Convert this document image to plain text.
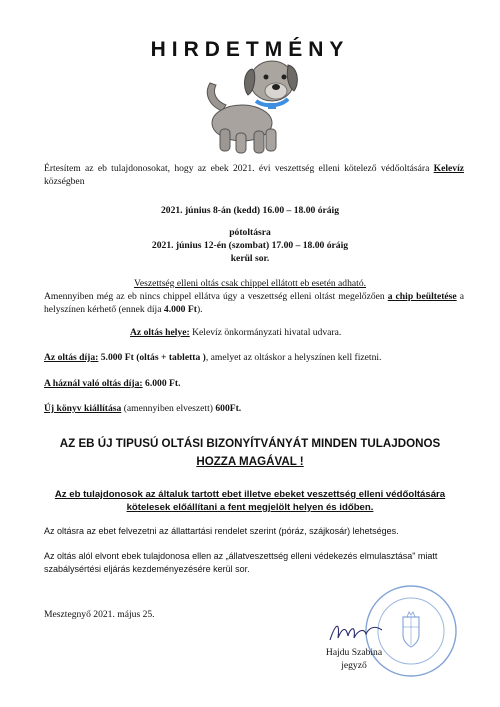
HIRDETMÉNY

Értesítem az eb tulajdonosokat, hogy az ebek 2021. évi veszettség elleni kötelező védőoltására Kelevíz községben

2021. június 8-án (kedd) 16.00 – 18.00 óráig

pótoltásra

2021. június 12-én (szombat) 17.00 – 18.00 óráig

kerül sor.

Veszettség elleni oltás csak chippel ellátott eb esetén adható.

Amennyiben még az eb nincs chippel ellátva úgy a veszettség elleni oltást megelőzően a chip beültetése a helyszínen kérhető (ennek díja 4.000 Ft).

Az oltás helye: Kelevíz önkormányzati hivatal udvara.

Az oltás díja: 5.000 Ft (oltás + tabletta ), amelyet az oltáskor a helyszínen kell fizetni.

A háznál való oltás díja: 6.000 Ft.

Új könyv kiállítása (amennyiben elveszett) 600Ft.

AZ EB ÚJ TIPUSÚ OLTÁSI BIZONYÍTVÁNYÁT MINDEN TULAJDONOS

HOZZA MAGÁVAL !

Az eb tulajdonosok az általuk tartott ebet illetve ebeket veszettség elleni védőoltására

kötelesek előállítani a fent megjelölt helyen és időben.

Az oltásra az ebet felvezetni az állattartási rendelet szerint (póráz, szájkosár) lehetséges.

Az oltás alól elvont ebek tulajdonosa ellen az „állatveszettség elleni védekezés elmulasztása" miatt szabálysértési eljárás kezdeményezésére kerül sor.

Mesztegnyő 2021. május 25.

Hajdu Szabina

jegyző
